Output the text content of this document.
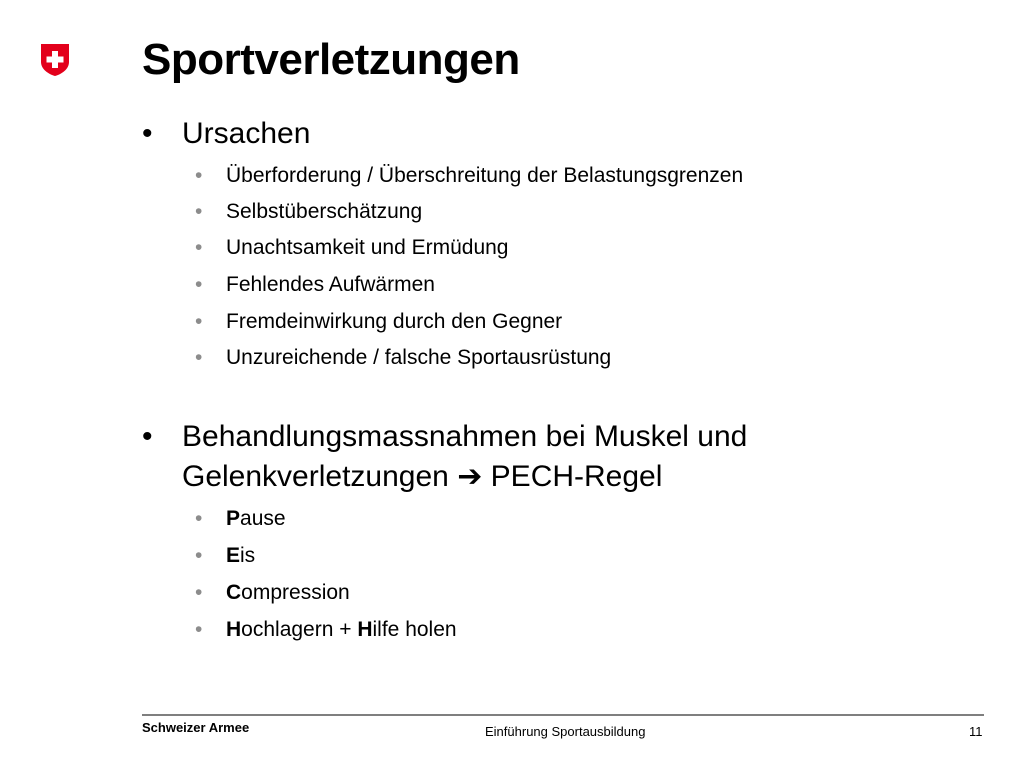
Sportverletzungen
• Ursachen
• Überforderung / Überschreitung der Belastungsgrenzen
• Selbstüberschätzung
• Unachtsamkeit und Ermüdung
• Fehlendes Aufwärmen
• Fremdeinwirkung durch den Gegner
• Unzureichende / falsche Sportausrüstung
• Behandlungsmassnahmen bei Muskel und
Gelenkverletzungen ➔ PECH-Regel
• Pause
• Eis
• Compression
• Hochlagern + Hilfe holen
Schweizer Armee	Einführung Sportausbildung	11
